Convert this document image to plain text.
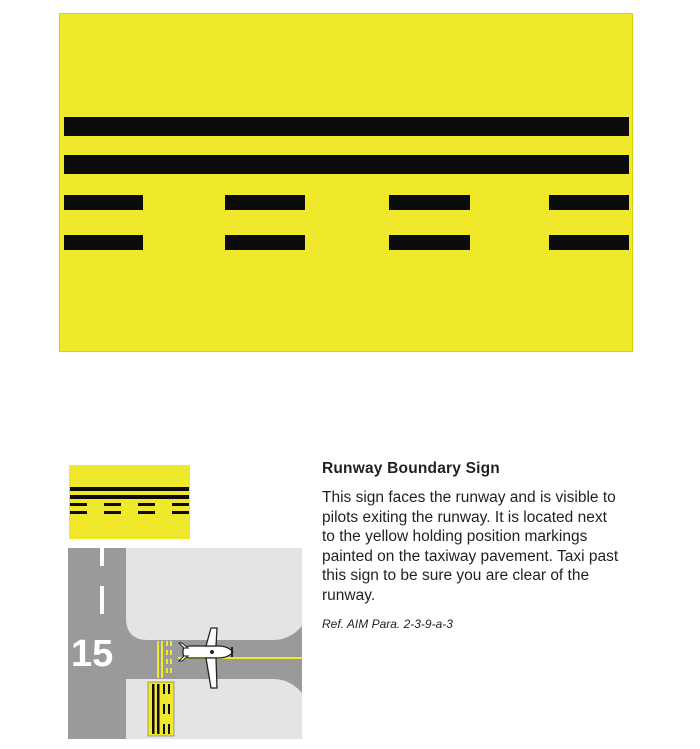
15

Runway Boundary Sign

This sign faces the runway and is visible to pilots exiting the runway. It is located next to the yellow holding position markings painted on the taxiway pavement. Taxi past this sign to be sure you are clear of the runway.

Ref. AIM Para. 2-3-9-a-3
